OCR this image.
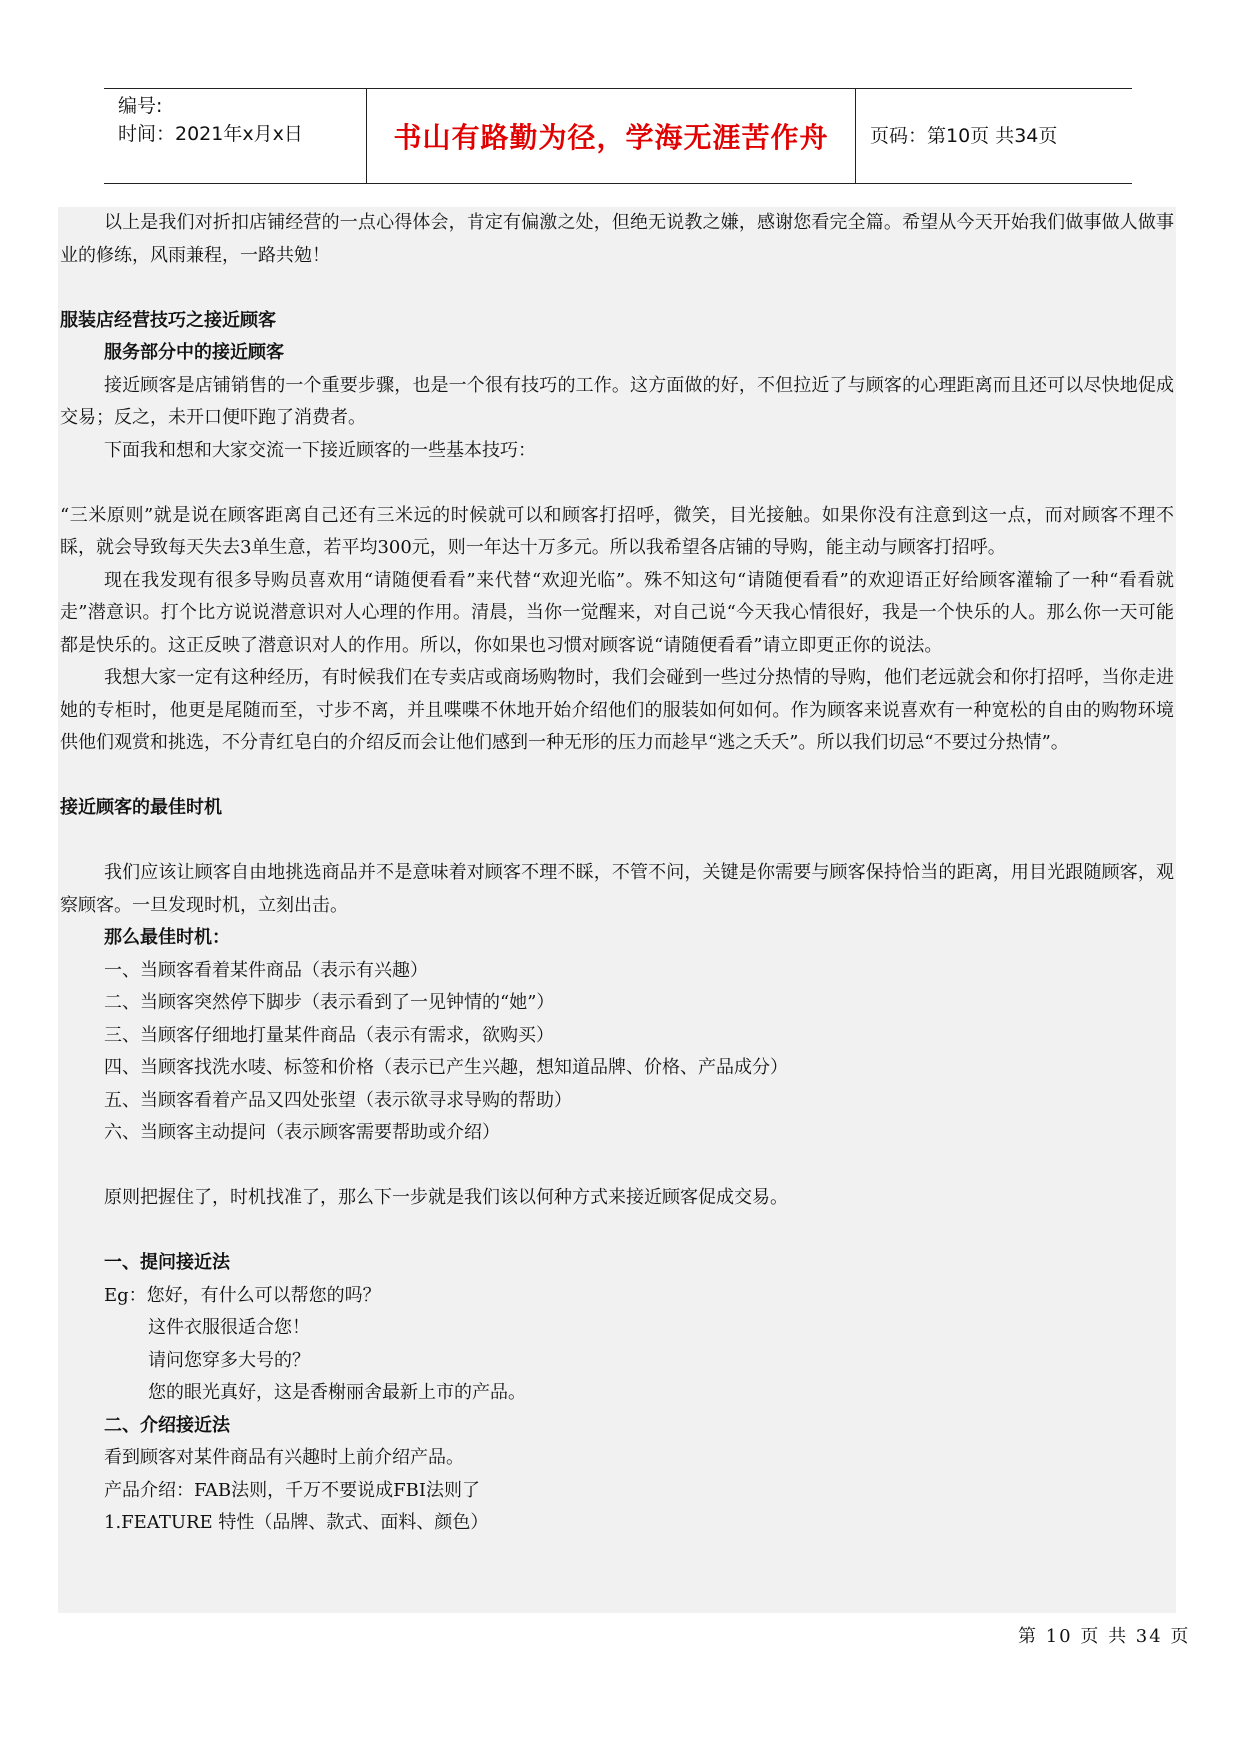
编号:
时间：2021年x月x日	书山有路勤为径，学海无涯苦作舟 页码：第10页 共34页

以上是我们对折扣店铺经营的一点心得体会，肯定有偏激之处，但绝无说教之嫌，感谢您看完全篇。希望从今天开始我们做事做人做事业的修练，风雨兼程，一路共勉！

服装店经营技巧之接近顾客

服务部分中的接近顾客

接近顾客是店铺销售的一个重要步骤，也是一个很有技巧的工作。这方面做的好，不但拉近了与顾客的心理距离而且还可以尽快地促成交易；反之，未开口便吓跑了消费者。

下面我和想和大家交流一下接近顾客的一些基本技巧：

“三米原则”就是说在顾客距离自己还有三米远的时候就可以和顾客打招呼，微笑，目光接触。如果你没有注意到这一点，而对顾客不理不睬，就会导致每天失去3单生意，若平均300元，则一年达十万多元。所以我希望各店铺的导购，能主动与顾客打招呼。

现在我发现有很多导购员喜欢用“请随便看看”来代替“欢迎光临”。殊不知这句“请随便看看”的欢迎语正好给顾客灌输了一种“看看就走”潜意识。打个比方说说潜意识对人心理的作用。清晨，当你一觉醒来，对自己说“今天我心情很好，我是一个快乐的人。那么你一天可能都是快乐的。这正反映了潜意识对人的作用。所以，你如果也习惯对顾客说“请随便看看”请立即更正你的说法。

我想大家一定有这种经历，有时候我们在专卖店或商场购物时，我们会碰到一些过分热情的导购，他们老远就会和你打招呼，当你走进她的专柜时，他更是尾随而至，寸步不离，并且喋喋不休地开始介绍他们的服装如何如何。作为顾客来说喜欢有一种宽松的自由的购物环境供他们观赏和挑选，不分青红皂白的介绍反而会让他们感到一种无形的压力而趁早“逃之夭夭”。所以我们切忌“不要过分热情”。

接近顾客的最佳时机

我们应该让顾客自由地挑选商品并不是意味着对顾客不理不睬，不管不问，关键是你需要与顾客保持恰当的距离，用目光跟随顾客，观察顾客。一旦发现时机，立刻出击。

那么最佳时机：

一、当顾客看着某件商品（表示有兴趣）

二、当顾客突然停下脚步（表示看到了一见钟情的“她”）

三、当顾客仔细地打量某件商品（表示有需求，欲购买）

四、当顾客找洗水唛、标签和价格（表示已产生兴趣，想知道品牌、价格、产品成分）

五、当顾客看着产品又四处张望（表示欲寻求导购的帮助）

六、当顾客主动提问（表示顾客需要帮助或介绍）

原则把握住了，时机找准了，那么下一步就是我们该以何种方式来接近顾客促成交易。

一、提问接近法

Eg：您好，有什么可以帮您的吗？

这件衣服很适合您！

请问您穿多大号的？

您的眼光真好，这是香榭丽舍最新上市的产品。

二、介绍接近法

看到顾客对某件商品有兴趣时上前介绍产品。

产品介绍：FAB法则，千万不要说成FBI法则了

1.FEATURE 特性（品牌、款式、面料、颜色）

第 10 页 共 34 页
